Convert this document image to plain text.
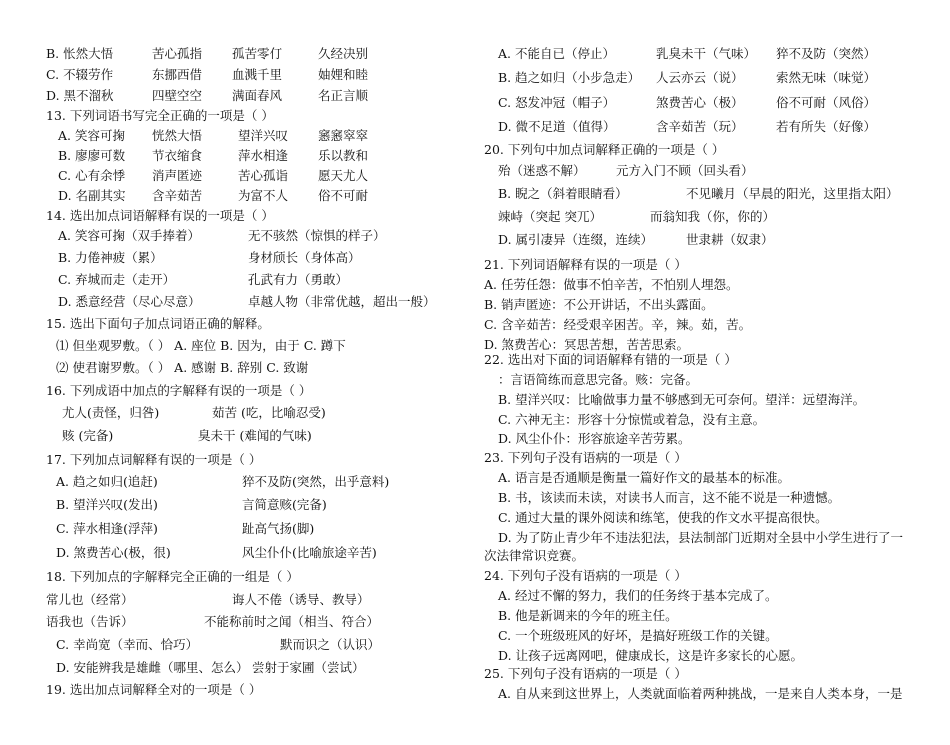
B. 怅然大悟	苦心孤指 孤苦零仃	久经决别
C. 不辍劳作	东挪西借 血溅千里	妯娌和睦
D. 黑不溜秋	四壁空空 满面春风	名正言顺
13. 下列词语书写完全正确的一项是（ ）
A. 笑容可掬 恍然大悟	望洋兴叹 窸窸窣窣
B. 廖廖可数 节衣缩食	萍水相逢 乐以教和
C. 心有余悸 消声匿迹	苦心孤诣 愿天尤人
D. 名副其实 含辛茹苦	为富不人 俗不可耐
14. 选出加点词语解释有误的一项是（ ）
A. 笑容可掬（双手捧着）	无不骇然（惊惧的样子）
B. 力倦神疲（累）	身材颀长（身体高）
C. 弃城而走（走开）	孔武有力（勇敢）
D. 悉意经营（尽心尽意）	卓越人物（非常优越，超出一般）
15. 选出下面句子加点词语正确的解释。
⑴ 但坐观罗敷。（ ） A. 座位 B. 因为，由于 C. 蹲下
⑵ 使君谢罗敷。（ ） A. 感谢 B. 辞别 C. 致谢
16. 下列成语中加点的字解释有误的一项是（ ）
尤人(责怪，归咎)	茹苦 (吃，比喻忍受)
赅 (完备)	臭未干 (难闻的气味)
17. 下列加点词解释有误的一项是（ ）
A. 趋之如归(追赶)	猝不及防(突然，出乎意料)
B. 望洋兴叹(发出)	言简意赅(完备)
C. 萍水相逢(浮萍)	趾高气扬(脚)
D. 煞费苦心(极，很)	风尘仆仆(比喻旅途辛苦)
18. 下列加点的字解释完全正确的一组是（ ）
常儿也（经常）	诲人不倦（诱导、教导）
语我也（告诉）	不能称前时之闻（相当、符合）
C. 幸尚宽（幸而、恰巧）	默而识之（认识）
D. 安能辨我是雄雌（哪里、怎么） 尝射于家圃（尝试）
19. 选出加点词解释全对的一项是（ ）
A. 不能自已（停止）	乳臭未干（气味） 猝不及防（突然）
B. 趋之如归（小步急走） 人云亦云（说）	索然无味（味觉）
C. 怒发冲冠（帽子）	煞费苦心（极）	俗不可耐（风俗）
D. 微不足道（值得）	含辛茹苦（玩）	若有所失（好像）
20. 下列句中加点词解释正确的一项是（ ）
殆（迷惑不解） 元方入门不顾（回头看）
B. 睨之（斜着眼睛看）	不见曦月（早晨的阳光，这里指太阳）
竦峙（突起 突兀）	而翁知我（你，你的）
D. 属引凄异（连缀，连续）	世隶耕（奴隶）
21. 下列词语解释有误的一项是（ ）
A. 任劳任怨：做事不怕辛苦，不怕别人埋怨。
B. 销声匿迹：不公开讲话，不出头露面。
C. 含辛茹苦：经受艰辛困苦。辛，辣。茹，苦。
D. 煞费苦心：冥思苦想，苦苦思索。
22. 选出对下面的词语解释有错的一项是（ ）
：言语简练而意思完备。赅：完备。
B. 望洋兴叹：比喻做事力量不够感到无可奈何。望洋：远望海洋。
C. 六神无主：形容十分惊慌或着急，没有主意。
D. 风尘仆仆：形容旅途辛苦劳累。
23. 下列句子没有语病的一项是（ ）
A. 语言是否通顺是衡量一篇好作文的最基本的标准。
B. 书，该读而未读，对读书人而言，这不能不说是一种遗憾。
C. 通过大量的课外阅读和练笔，使我的作文水平提高很快。
D. 为了防止青少年不违法犯法，县法制部门近期对全县中小学生进行了一
次法律常识竞赛。
24. 下列句子没有语病的一项是（ ）
A. 经过不懈的努力，我们的任务终于基本完成了。
B. 他是新调来的今年的班主任。
C. 一个班级班风的好坏，是搞好班级工作的关键。
D. 让孩子远离网吧，健康成长，这是许多家长的心愿。
25. 下列句子没有语病的一项是（ ）
A. 自从来到这世界上，人类就面临着两种挑战，一是来自人类本身，一是
